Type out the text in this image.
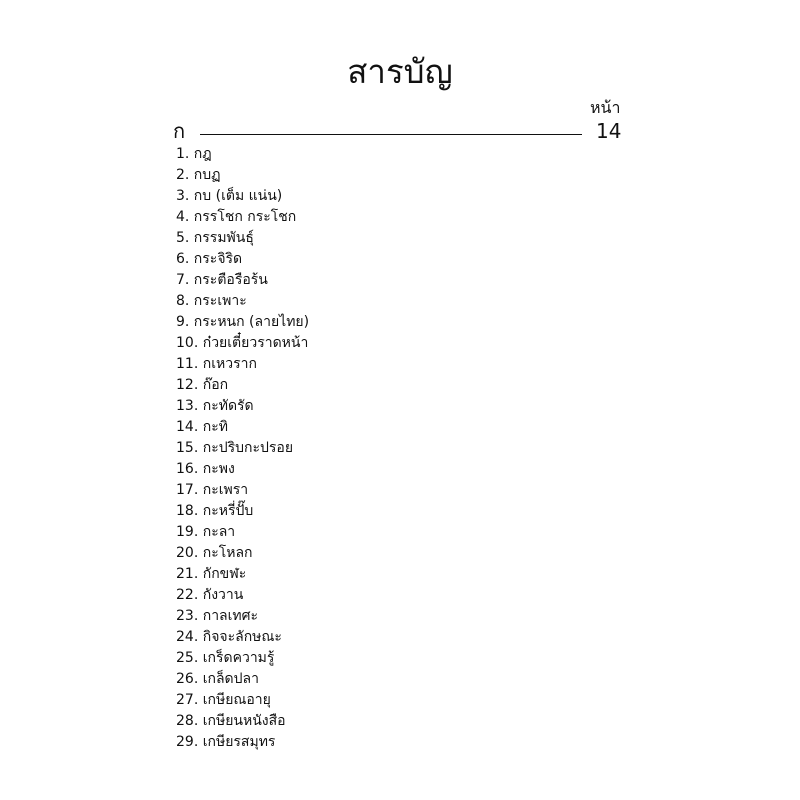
สารบัญ
หน้า
ก	14
1. กฎ
2. กบฏ
3. กบ (เต็ม แน่น)
4. กรรโชก กระโชก
5. กรรมพันธุ์
6. กระจิริด
7. กระตือรือร้น
8. กระเพาะ
9. กระหนก (ลายไทย)
10. ก๋วยเตี๋ยวราดหน้า
11. กเหวราก
12. ก๊อก
13. กะทัดรัด
14. กะทิ
15. กะปริบกะปรอย
16. กะพง
17. กะเพรา
18. กะหรี่ปั๊บ
19. กะลา
20. กะโหลก
21. กักขฬะ
22. กังวาน
23. กาลเทศะ
24. กิจจะลักษณะ
25. เกร็ดความรู้
26. เกล็ดปลา
27. เกษียณอายุ
28. เกษียนหนังสือ
29. เกษียรสมุทร
